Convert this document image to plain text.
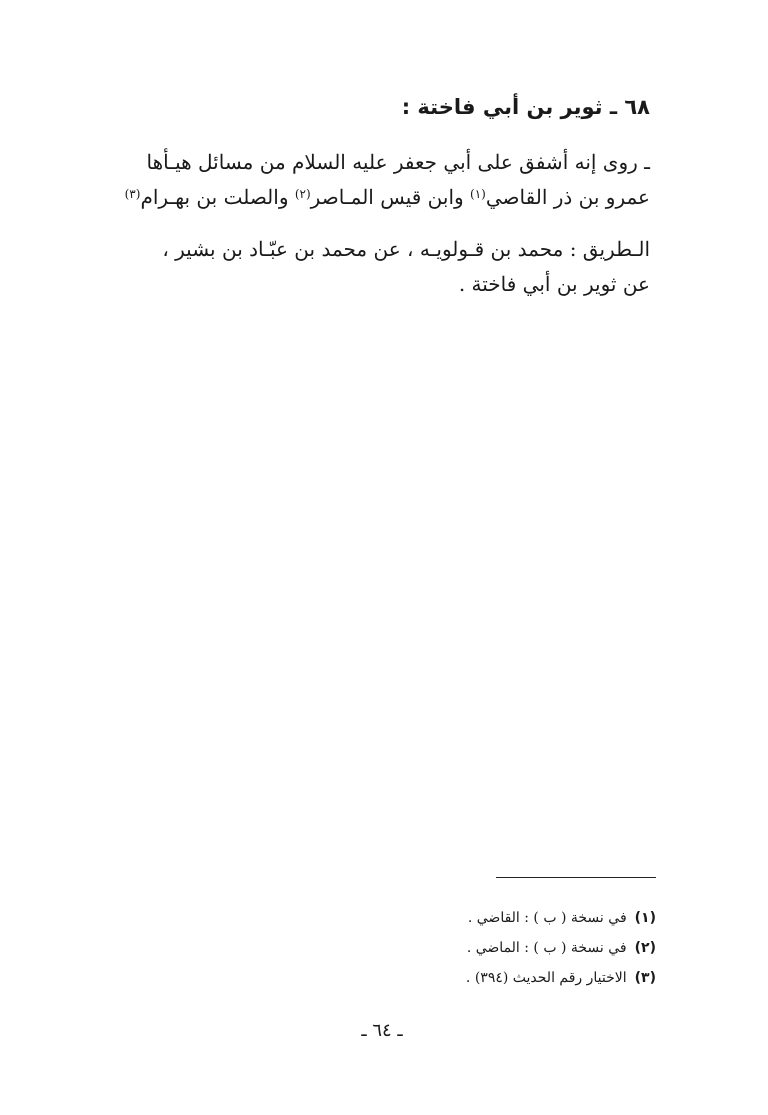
٦٨ ـ ثوير بن أبي فاختة :
ـ روى إنه أشفق على أبي جعفر عليه السلام من مسائل هيـأها
عمرو بن ذر القاصي$^{(١)}$ وابن قيس المـاصر$^{(٢)}$ والصلت بن بهـرام$^{(٣)}$
الـطريق : محمد بن قـولويـه ، عن محمد بن عبّـاد بن بشير ،
عن ثوير بن أبي فاختة .
(١)في نسخة ( ب ) : القاضي .
(٢)في نسخة ( ب ) : الماضي .
(٣)الاختيار رقم الحديث (٣٩٤) .
ـ ٦٤ ـ
